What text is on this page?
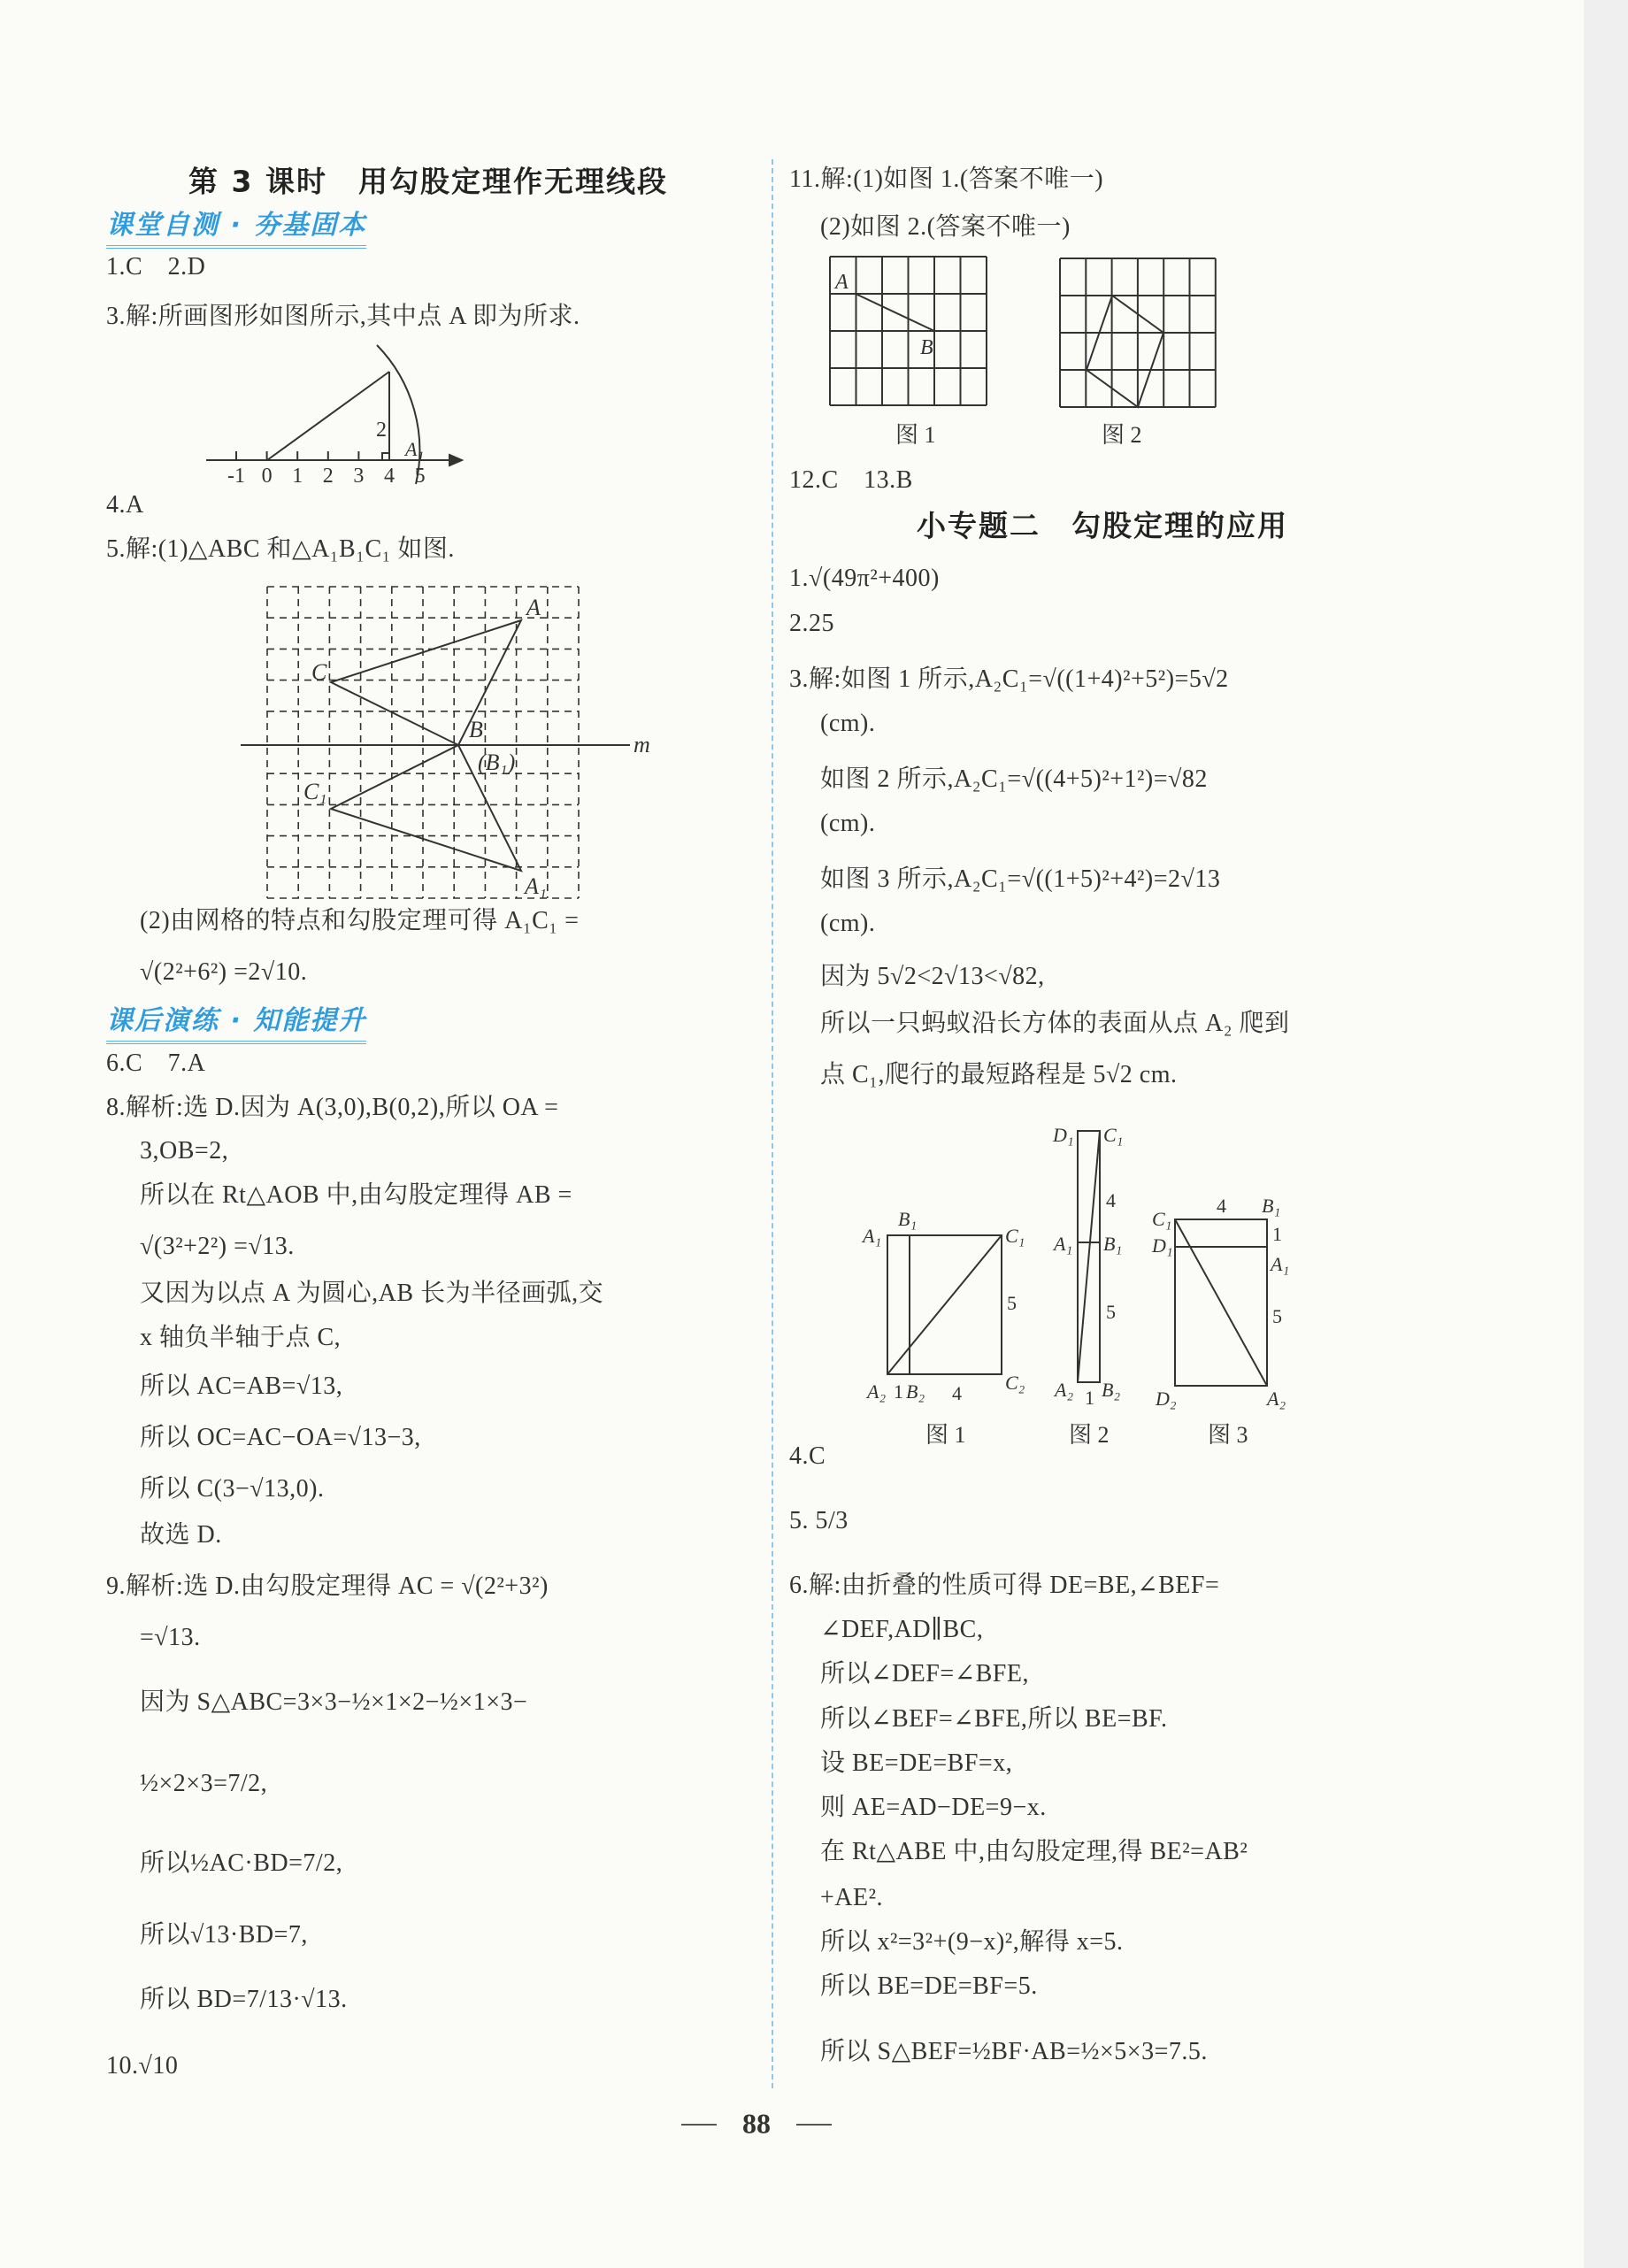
第 3 课时　用勾股定理作无理线段
课堂自测 · 夯基固本
1.C　2.D
3.解:所画图形如图所示,其中点 A 即为所求.
4.A
5.解:(1)△ABC 和△A₁B₁C₁ 如图.
(2)由网格的特点和勾股定理可得 A₁C₁ =
√(2²+6²) =2√10.
课后演练 · 知能提升
6.C　7.A
8.解析:选 D.因为 A(3,0),B(0,2),所以 OA =
3,OB=2,
所以在 Rt△AOB 中,由勾股定理得 AB =
√(3²+2²) =√13.
又因为以点 A 为圆心,AB 长为半径画弧,交
x 轴负半轴于点 C,
所以 AC=AB=√13,
所以 OC=AC−OA=√13−3,
所以 C(3−√13,0).
故选 D.
9.解析:选 D.由勾股定理得 AC = √(2²+3²)
=√13.
因为 S△ABC=3×3−½×1×2−½×1×3−
½×2×3=7/2,
所以½AC·BD=7/2,
所以√13·BD=7,
所以 BD=7/13·√13.
10.√10
11.解:(1)如图 1.(答案不唯一)
(2)如图 2.(答案不唯一)
12.C　13.B
小专题二　勾股定理的应用
1.√(49π²+400)
2.25
3.解:如图 1 所示,A₂C₁=√((1+4)²+5²)=5√2
(cm).
如图 2 所示,A₂C₁=√((4+5)²+1²)=√82
(cm).
如图 3 所示,A₂C₁=√((1+5)²+4²)=2√13
(cm).
因为 5√2<2√13<√82,
所以一只蚂蚁沿长方体的表面从点 A₂ 爬到
点 C₁,爬行的最短路程是 5√2 cm.
4.C
5. 5/3
6.解:由折叠的性质可得 DE=BE,∠BEF=
∠DEF,AD∥BC,
所以∠DEF=∠BFE,
所以∠BEF=∠BFE,所以 BE=BF.
设 BE=DE=BF=x,
则 AE=AD−DE=9−x.
在 Rt△ABE 中,由勾股定理,得 BE²=AB²
+AE².
所以 x²=3²+(9−x)²,解得 x=5.
所以 BE=DE=BF=5.
所以 S△BEF=½BF·AB=½×5×3=7.5.
-1 0 1 2 3 4 5
2
A₁
A
C
B
(B₁)
C₁
A₁
m
A
B
图 1	图 2
A₁
B₁
C₁
A₂ 1 B₂ 4 C₂
5
图 1
D₁ C₁
4
A₁ B₁
5
A₂ 1 B₂
图 2
C₁
4 B₁
D₁
1
A₁
5
D₂	A₂
图 3
88
